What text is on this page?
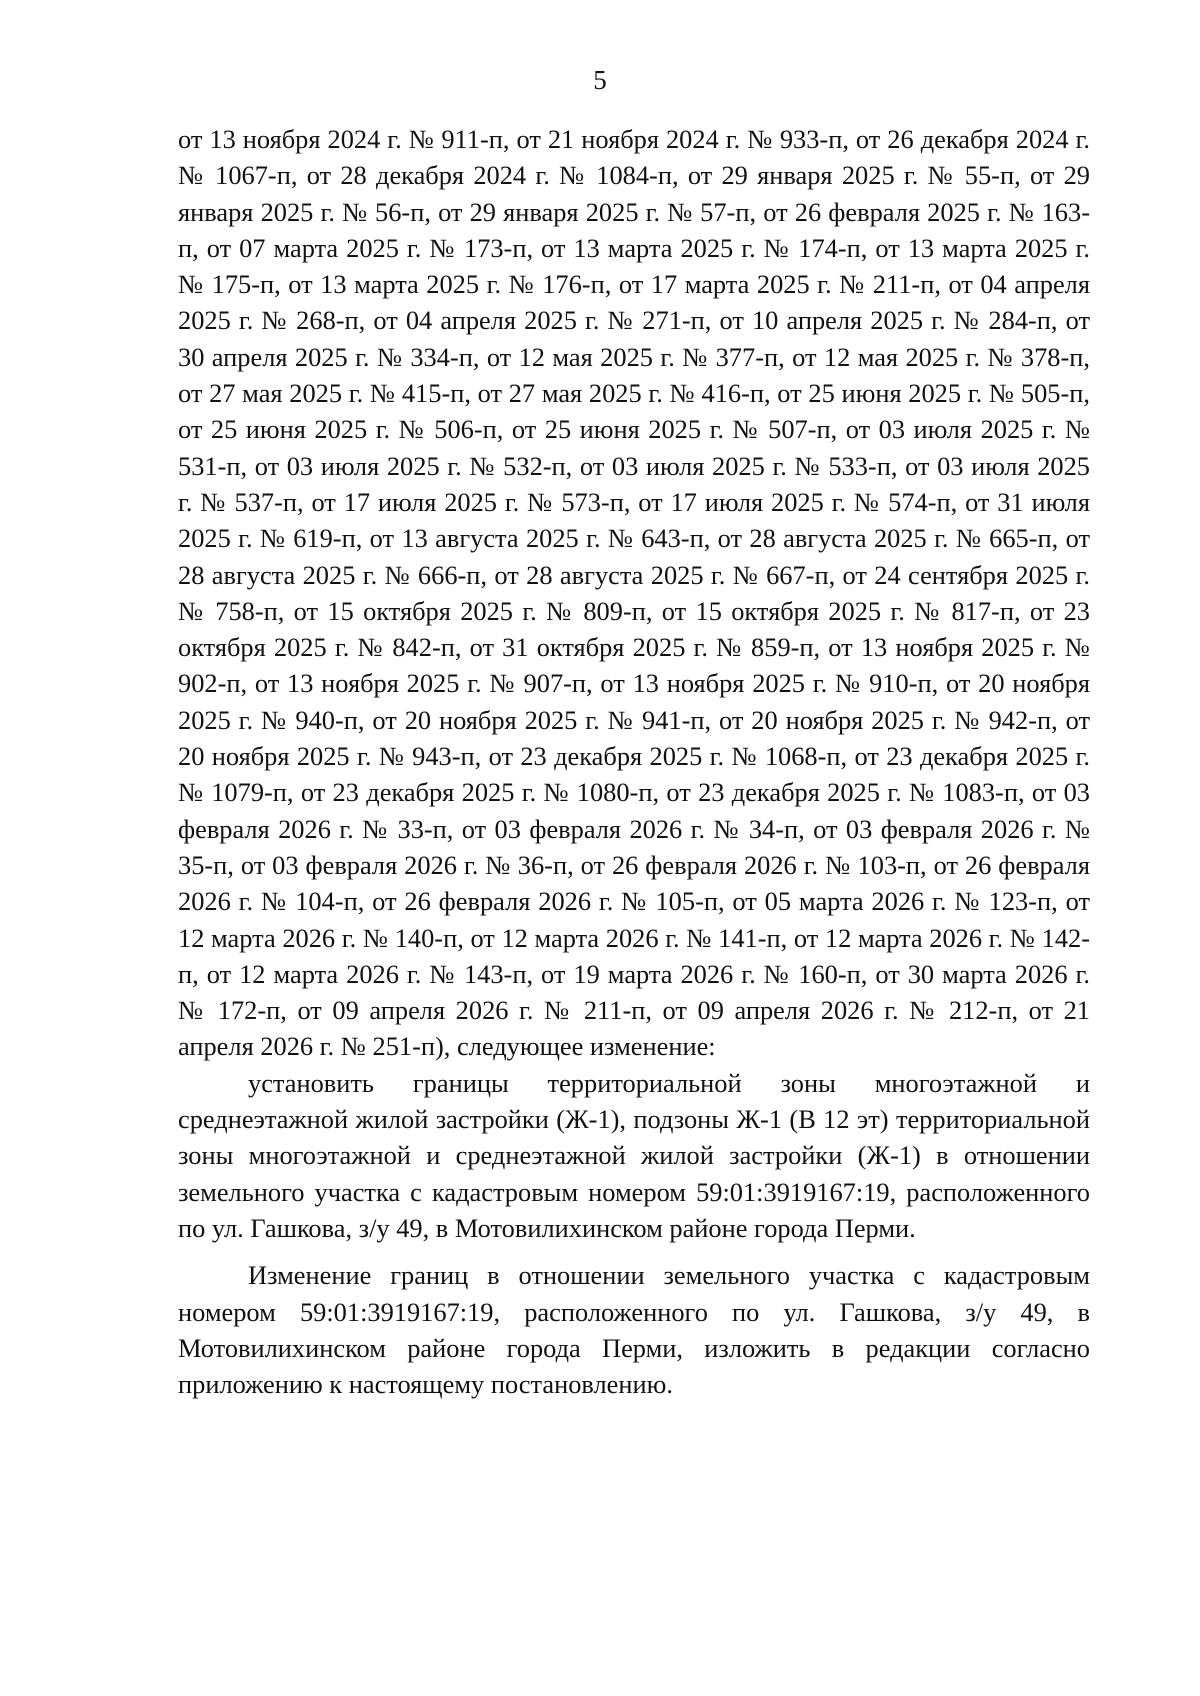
5

от 13 ноября 2024 г. № 911-п, от 21 ноября 2024 г. № 933-п, от 26 декабря 2024 г. № 1067-п, от 28 декабря 2024 г. № 1084-п, от 29 января 2025 г. № 55-п, от 29 января 2025 г. № 56-п, от 29 января 2025 г. № 57-п, от 26 февраля 2025 г. № 163-п, от 07 марта 2025 г. № 173-п, от 13 марта 2025 г. № 174-п, от 13 марта 2025 г. № 175-п, от 13 марта 2025 г. № 176-п, от 17 марта 2025 г. № 211-п, от 04 апреля 2025 г. № 268-п, от 04 апреля 2025 г. № 271-п, от 10 апреля 2025 г. № 284-п, от 30 апреля 2025 г. № 334-п, от 12 мая 2025 г. № 377-п, от 12 мая 2025 г. № 378-п, от 27 мая 2025 г. № 415-п, от 27 мая 2025 г. № 416-п, от 25 июня 2025 г. № 505-п, от 25 июня 2025 г. № 506-п, от 25 июня 2025 г. № 507-п, от 03 июля 2025 г. № 531-п, от 03 июля 2025 г. № 532-п, от 03 июля 2025 г. № 533-п, от 03 июля 2025 г. № 537-п, от 17 июля 2025 г. № 573-п, от 17 июля 2025 г. № 574-п, от 31 июля 2025 г. № 619-п, от 13 августа 2025 г. № 643-п, от 28 августа 2025 г. № 665-п, от 28 августа 2025 г. № 666-п, от 28 августа 2025 г. № 667-п, от 24 сентября 2025 г. № 758-п, от 15 октября 2025 г. № 809-п, от 15 октября 2025 г. № 817-п, от 23 октября 2025 г. № 842-п, от 31 октября 2025 г. № 859-п, от 13 ноября 2025 г. № 902-п, от 13 ноября 2025 г. № 907-п, от 13 ноября 2025 г. № 910-п, от 20 ноября 2025 г. № 940-п, от 20 ноября 2025 г. № 941-п, от 20 ноября 2025 г. № 942-п, от 20 ноября 2025 г. № 943-п, от 23 декабря 2025 г. № 1068-п, от 23 декабря 2025 г. № 1079-п, от 23 декабря 2025 г. № 1080-п, от 23 декабря 2025 г. № 1083-п, от 03 февраля 2026 г. № 33-п, от 03 февраля 2026 г. № 34-п, от 03 февраля 2026 г. № 35-п, от 03 февраля 2026 г. № 36-п, от 26 февраля 2026 г. № 103-п, от 26 февраля 2026 г. № 104-п, от 26 февраля 2026 г. № 105-п, от 05 марта 2026 г. № 123-п, от 12 марта 2026 г. № 140-п, от 12 марта 2026 г. № 141-п, от 12 марта 2026 г. № 142-п, от 12 марта 2026 г. № 143-п, от 19 марта 2026 г. № 160-п, от 30 марта 2026 г. № 172-п, от 09 апреля 2026 г. № 211-п, от 09 апреля 2026 г. № 212-п, от 21 апреля 2026 г. № 251-п), следующее изменение:

установить границы территориальной зоны многоэтажной и среднеэтажной жилой застройки (Ж-1), подзоны Ж-1 (В 12 эт) территориальной зоны многоэтажной и среднеэтажной жилой застройки (Ж-1) в отношении земельного участка с кадастровым номером 59:01:3919167:19, расположенного по ул. Гашкова, з/у 49, в Мотовилихинском районе города Перми.

Изменение границ в отношении земельного участка с кадастровым номером 59:01:3919167:19, расположенного по ул. Гашкова, з/у 49, в Мотовилихинском районе города Перми, изложить в редакции согласно приложению к настоящему постановлению.
